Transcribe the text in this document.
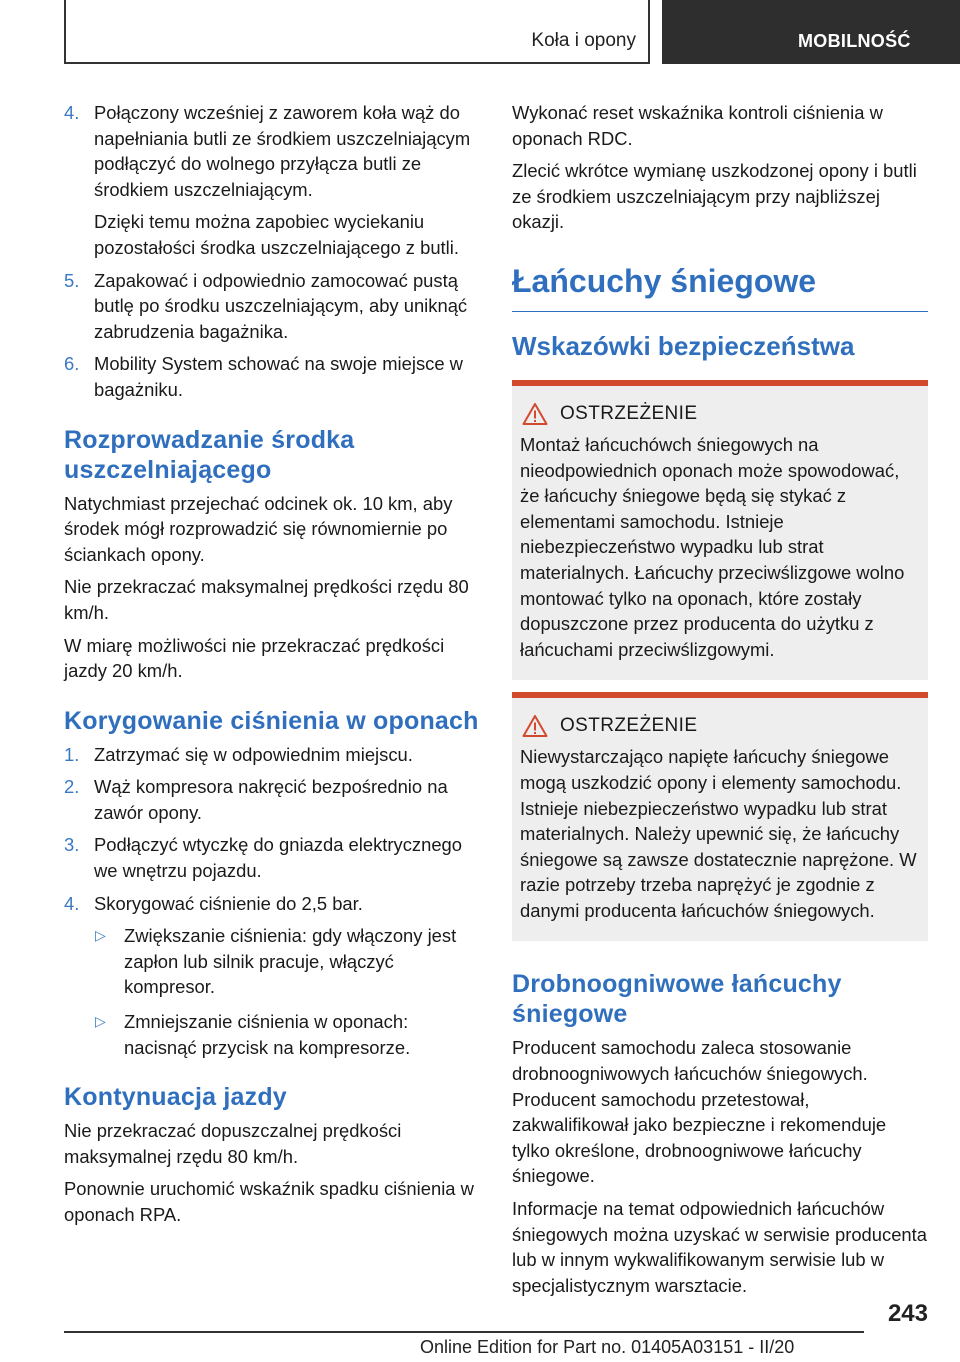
Koła i opony	MOBILNOŚĆ
4. Połączony wcześniej z zaworem koła wąż do napełniania butli ze środkiem uszczelniającym podłączyć do wolnego przyłącza butli ze środkiem uszczelniającym.
Dzięki temu można zapobiec wyciekaniu pozostałości środka uszczelniającego z butli.
5. Zapakować i odpowiednio zamocować pustą butlę po środku uszczelniającym, aby uniknąć zabrudzenia bagażnika.
6. Mobility System schować na swoje miejsce w bagażniku.
Rozprowadzanie środka uszczelniającego

Natychmiast przejechać odcinek ok. 10 km, aby środek mógł rozprowadzić się równomiernie po ściankach opony.

Nie przekraczać maksymalnej prędkości rzędu 80 km/h.

W miarę możliwości nie przekraczać prędkości jazdy 20 km/h.

Korygowanie ciśnienia w oponach
1. Zatrzymać się w odpowiednim miejscu.
2. Wąż kompresora nakręcić bezpośrednio na zawór opony.
3. Podłączyć wtyczkę do gniazda elektrycznego we wnętrzu pojazdu.
4. Skorygować ciśnienie do 2,5 bar.
▷ Zwiększanie ciśnienia: gdy włączony jest zapłon lub silnik pracuje, włączyć kompresor.
▷ Zmniejszanie ciśnienia w oponach: nacisnąć przycisk na kompresorze.
Kontynuacja jazdy

Nie przekraczać dopuszczalnej prędkości maksymalnej rzędu 80 km/h.

Ponownie uruchomić wskaźnik spadku ciśnienia w oponach RPA.

Wykonać reset wskaźnika kontroli ciśnienia w oponach RDC.

Zlecić wkrótce wymianę uszkodzonej opony i butli ze środkiem uszczelniającym przy najbliższej okazji.

Łańcuchy śniegowe
Wskazówki bezpieczeństwa
OSTRZEŻENIE
Montaż łańcuchówch śniegowych na nieodpowiednich oponach może spowodować, że łańcuchy śniegowe będą się stykać z elementami samochodu. Istnieje niebezpieczeństwo wypadku lub strat materialnych. Łańcuchy przeciwślizgowe wolno montować tylko na oponach, które zostały dopuszczone przez producenta do użytku z łańcuchami przeciwślizgowymi.
OSTRZEŻENIE
Niewystarczająco napięte łańcuchy śniegowe mogą uszkodzić opony i elementy samochodu. Istnieje niebezpieczeństwo wypadku lub strat materialnych. Należy upewnić się, że łańcuchy śniegowe są zawsze dostatecznie naprężone. W razie potrzeby trzeba naprężyć je zgodnie z danymi producenta łańcuchów śniegowych.
Drobnoogniwowe łańcuchy śniegowe

Producent samochodu zaleca stosowanie drobnoogniwowych łańcuchów śniegowych. Producent samochodu przetestował, zakwalifikował jako bezpieczne i rekomenduje tylko określone, drobnoogniwowe łańcuchy śniegowe.

Informacje na temat odpowiednich łańcuchów śniegowych można uzyskać w serwisie producenta lub w innym wykwalifikowanym serwisie lub w specjalistycznym warsztacie.

243
Online Edition for Part no. 01405A03151 - II/20
